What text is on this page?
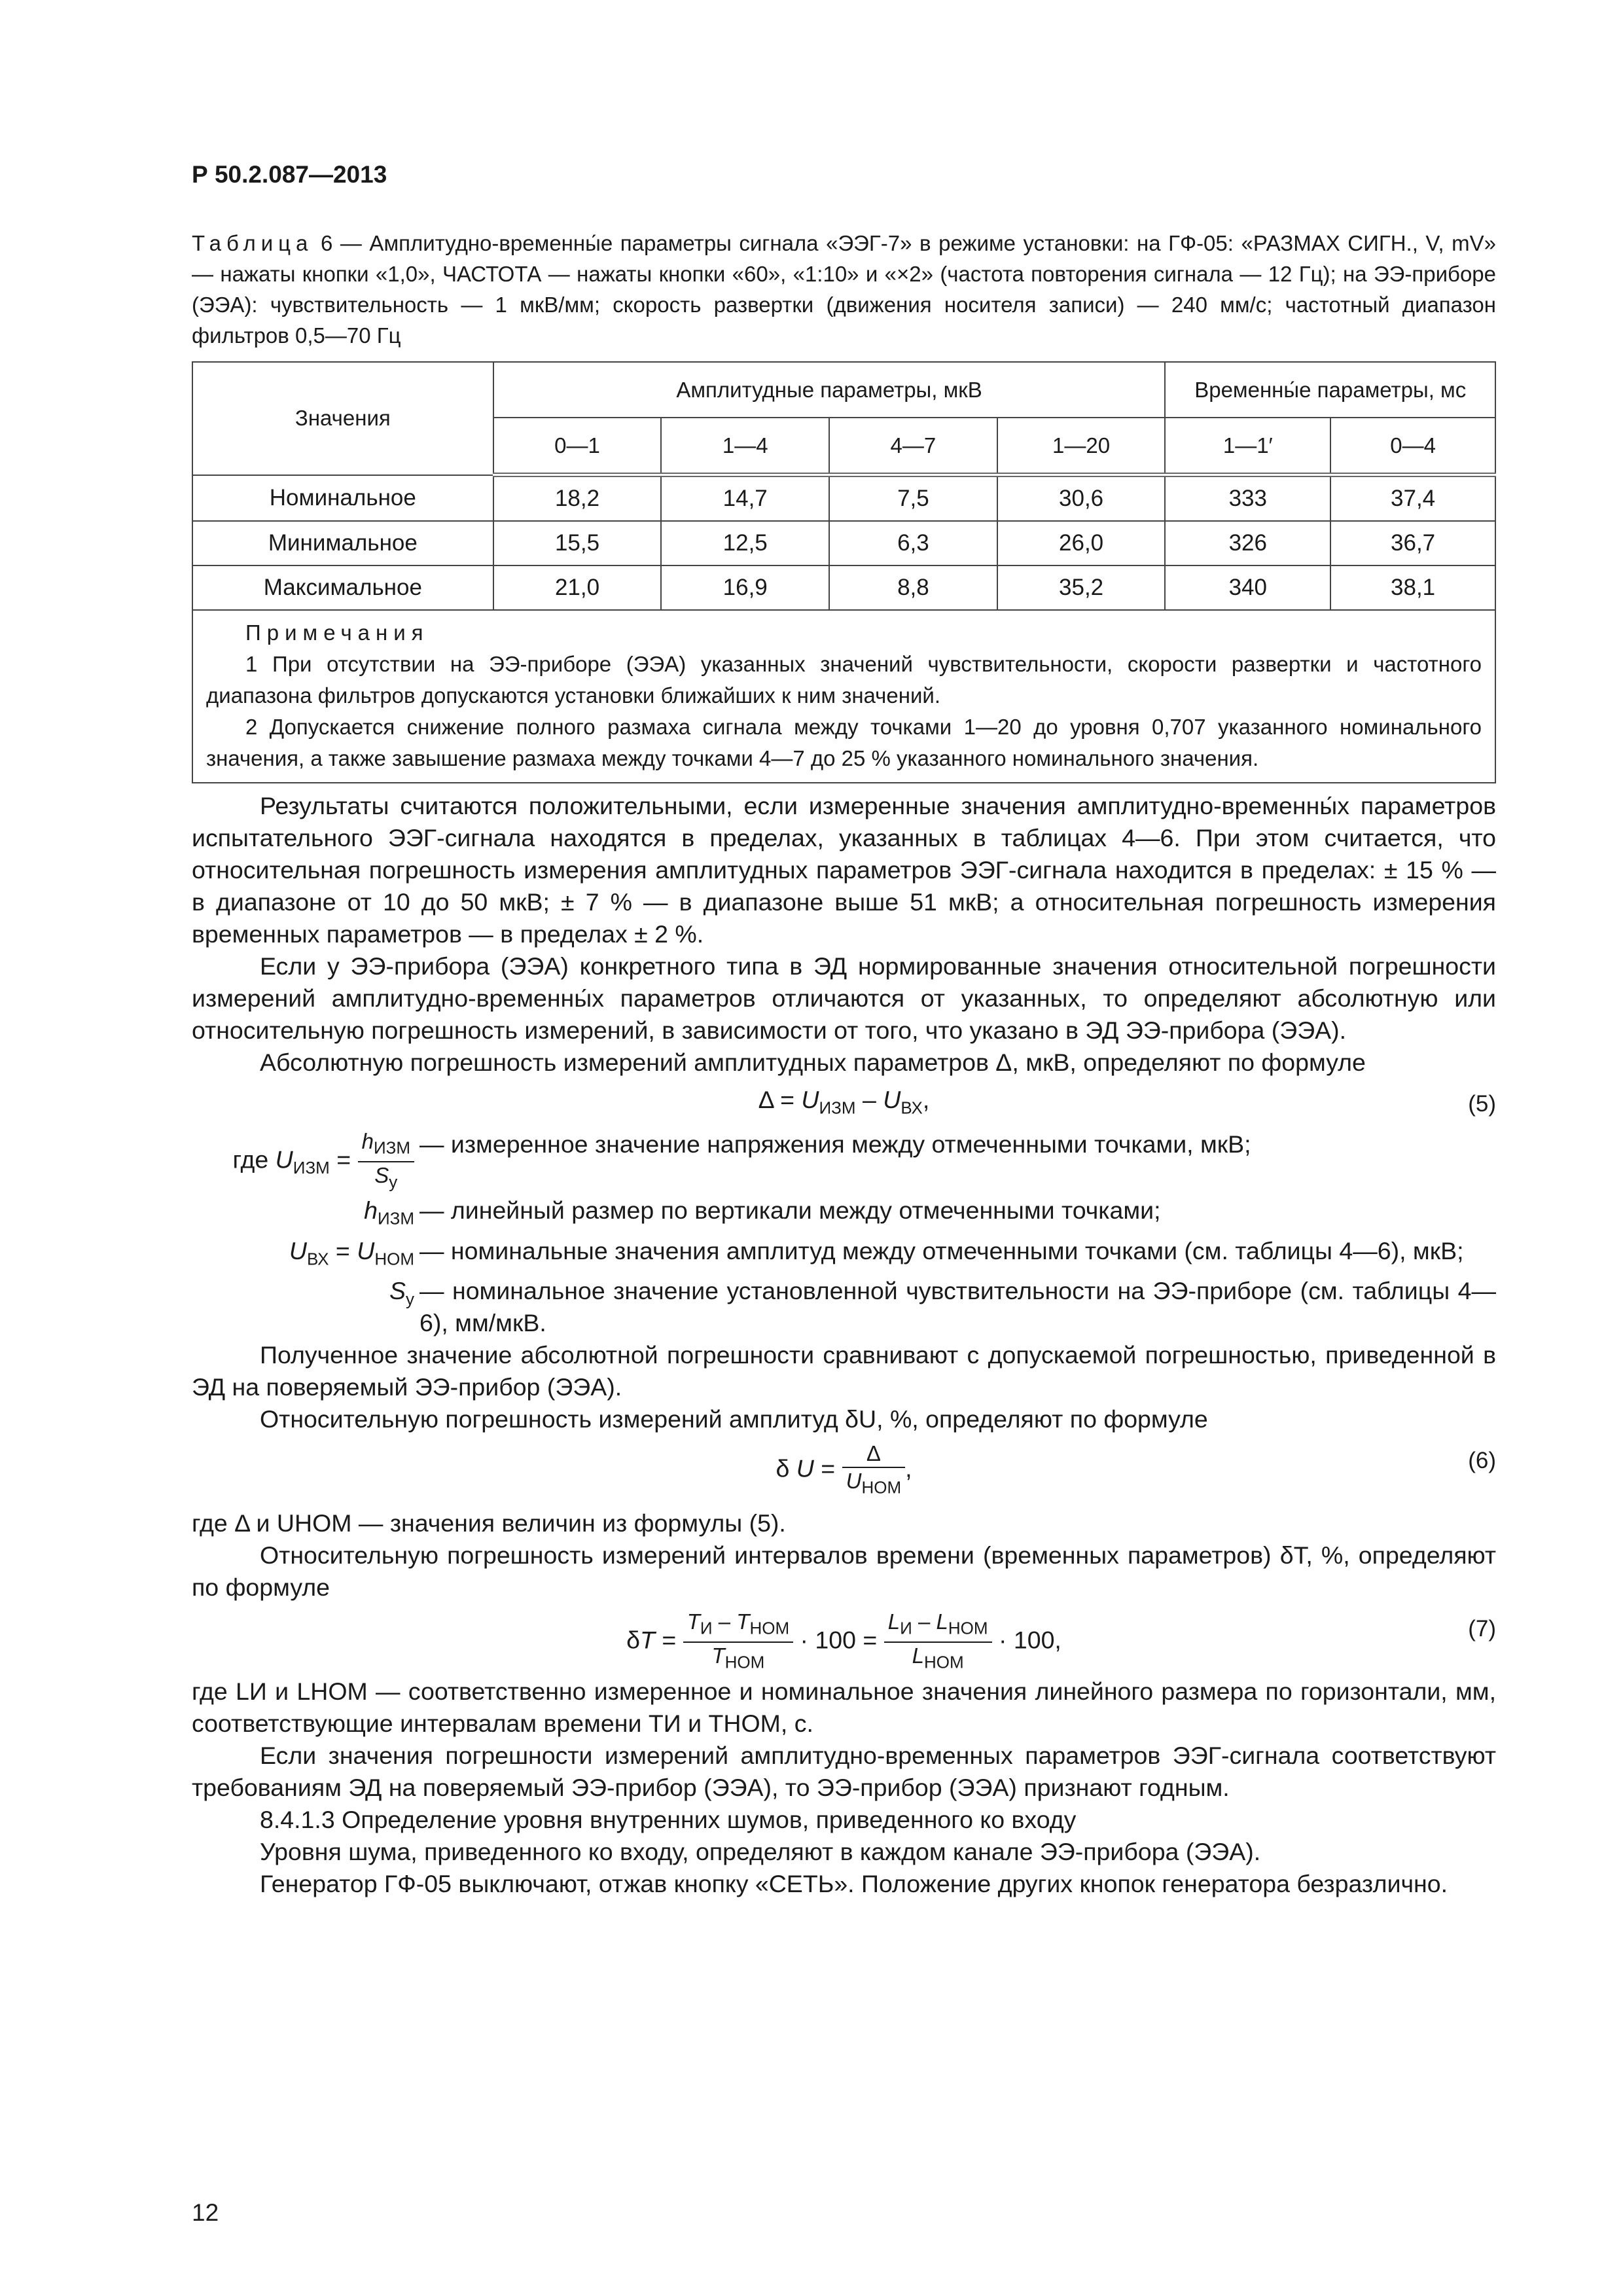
Р 50.2.087—2013
Таблица 6 — Амплитудно-временны́е параметры сигнала «ЭЭГ-7» в режиме установки: на ГФ-05: «РАЗМАХ СИГН., V, mV» — нажаты кнопки «1,0», ЧАСТОТА — нажаты кнопки «60», «1:10» и «×2» (частота повторения сигнала — 12 Гц); на ЭЭ-приборе (ЭЭА): чувствительность — 1 мкВ/мм; скорость развертки (движения носителя записи) — 240 мм/с; частотный диапазон фильтров 0,5—70 Гц
Значения	Амплитудные параметры, мкВ				Временны́е параметры, мс	
	0—1	1—4	4—7	1—20	1—1′	0—4
Номинальное	18,2	14,7	7,5	30,6	333	37,4
Минимальное	15,5	12,5	6,3	26,0	326	36,7
Максимальное	21,0	16,9	8,8	35,2	340	38,1

Примечания

1 При отсутствии на ЭЭ-приборе (ЭЭА) указанных значений чувствительности, скорости развертки и частотного диапазона фильтров допускаются установки ближайших к ним значений.

2 Допускается снижение полного размаха сигнала между точками 1—20 до уровня 0,707 указанного номинального значения, а также завышение размаха между точками 4—7 до 25 % указанного номинального значения.						

Результаты считаются положительными, если измеренные значения амплитудно-временны́х параметров испытательного ЭЭГ-сигнала находятся в пределах, указанных в таблицах 4—6. При этом считается, что относительная погрешность измерения амплитудных параметров ЭЭГ-сигнала находится в пределах: ± 15 % — в диапазоне от 10 до 50 мкВ; ± 7 % — в диапазоне выше 51 мкВ; а относительная погрешность измерения временных параметров — в пределах ± 2 %.

Если у ЭЭ-прибора (ЭЭА) конкретного типа в ЭД нормированные значения относительной погрешности измерений амплитудно-временны́х параметров отличаются от указанных, то определяют абсолютную или относительную погрешность измерений, в зависимости от того, что указано в ЭД ЭЭ-прибора (ЭЭА).

Абсолютную погрешность измерений амплитудных параметров Δ, мкВ, определяют по формуле

$\Delta = U_{ИЗМ} - U_{ВХ}$,	(5)
где $U_{ИЗМ} = \frac{h_{ИЗМ}}{S_у}$ — измеренное значение напряжения между отмеченными точками, мкВ;
$h_{ИЗМ}$ — линейный размер по вертикали между отмеченными точками;
$U_{ВХ} = U_{НОМ}$ — номинальные значения амплитуд между отмеченными точками (см. таблицы 4—6), мкВ;
$S_у$ — номинальное значение установленной чувствительности на ЭЭ-приборе (см. таблицы 4—6), мм/мкВ.

Полученное значение абсолютной погрешности сравнивают с допускаемой погрешностью, приведенной в ЭД на поверяемый ЭЭ-прибор (ЭЭА).

Относительную погрешность измерений амплитуд δU, %, определяют по формуле

δ $U = \frac{\Delta}{U_{НОМ}}$ ,	(6)

где Δ и UНОМ — значения величин из формулы (5).

Относительную погрешность измерений интервалов времени (временных параметров) δT, %, определяют по формуле

$\delta T = \frac{T_И - T_{НОМ}}{T_{НОМ}} \cdot 100 = \frac{L_И - L_{НОМ}}{L_{НОМ}} \cdot 100$,	(7)

где LИ и LНОМ — соответственно измеренное и номинальное значения линейного размера по горизонтали, мм, соответствующие интервалам времени TИ и TНОМ, с.

Если значения погрешности измерений амплитудно-временных параметров ЭЭГ-сигнала соответствуют требованиям ЭД на поверяемый ЭЭ-прибор (ЭЭА), то ЭЭ-прибор (ЭЭА) признают годным.

8.4.1.3 Определение уровня внутренних шумов, приведенного ко входу

Уровня шума, приведенного ко входу, определяют в каждом канале ЭЭ-прибора (ЭЭА).

Генератор ГФ-05 выключают, отжав кнопку «СЕТЬ». Положение других кнопок генератора безразлично.

12
